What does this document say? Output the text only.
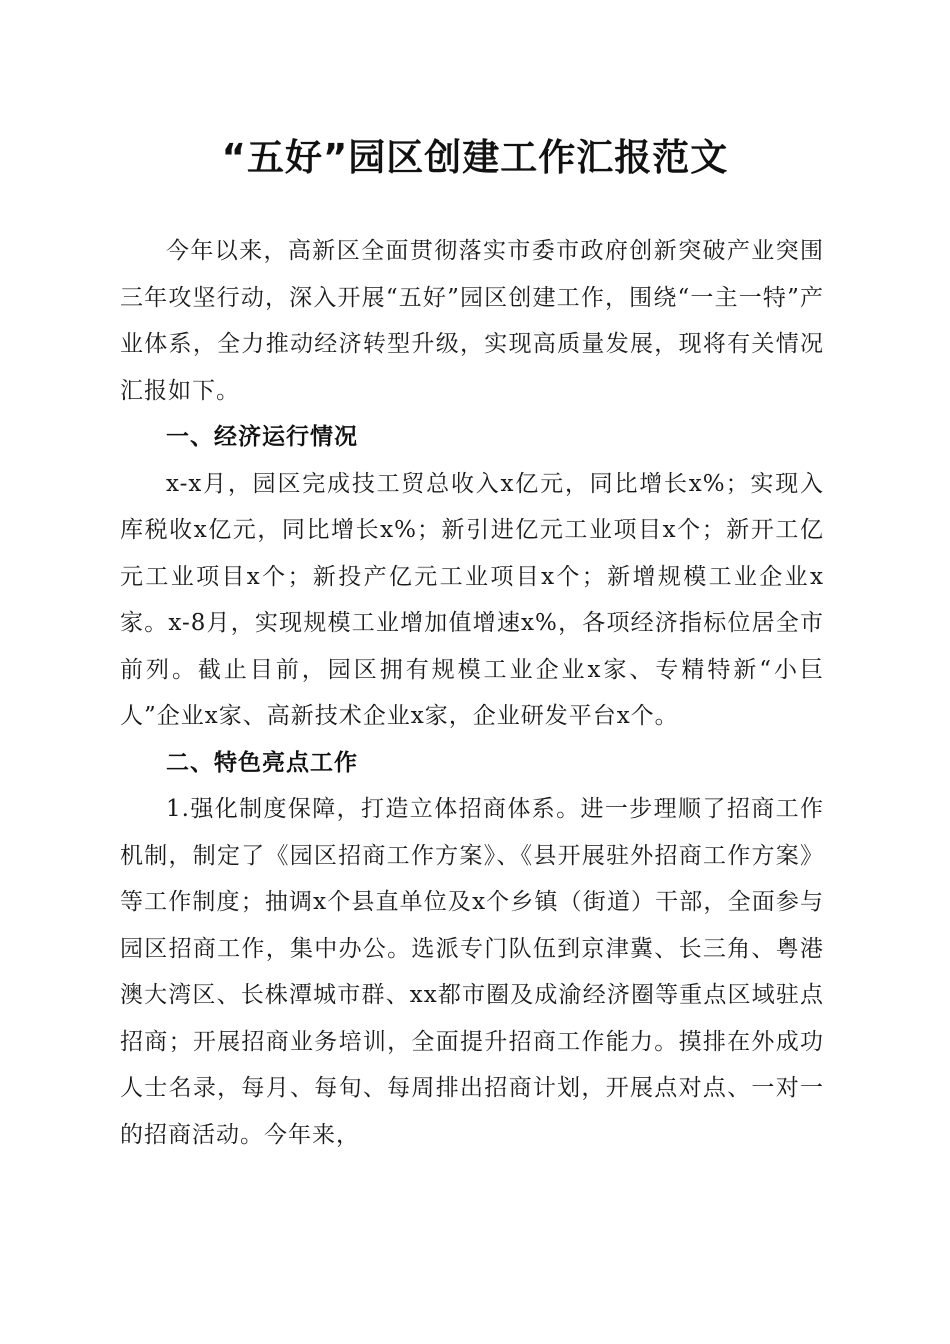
“五好”园区创建工作汇报范文

今年以来，高新区全面贯彻落实市委市政府创新突破产业突围三年攻坚行动，深入开展“五好”园区创建工作，围绕“一主一特”产业体系，全力推动经济转型升级，实现高质量发展，现将有关情况汇报如下。

一、经济运行情况

x-x月，园区完成技工贸总收入x亿元，同比增长x%；实现入库税收x亿元，同比增长x%；新引进亿元工业项目x个；新开工亿元工业项目x个；新投产亿元工业项目x个；新增规模工业企业x家。x-8月，实现规模工业增加值增速x%，各项经济指标位居全市前列。截止目前，园区拥有规模工业企业x家、专精特新“小巨人”企业x家、高新技术企业x家，企业研发平台x个。

二、特色亮点工作

1.强化制度保障，打造立体招商体系。进一步理顺了招商工作机制，制定了《园区招商工作方案》、《县开展驻外招商工作方案》等工作制度；抽调x个县直单位及x个乡镇（街道）干部，全面参与园区招商工作，集中办公。选派专门队伍到京津冀、长三角、粤港澳大湾区、长株潭城市群、xx都市圈及成渝经济圈等重点区域驻点招商；开展招商业务培训，全面提升招商工作能力。摸排在外成功人士名录，每月、每旬、每周排出招商计划，开展点对点、一对一的招商活动。今年来，
